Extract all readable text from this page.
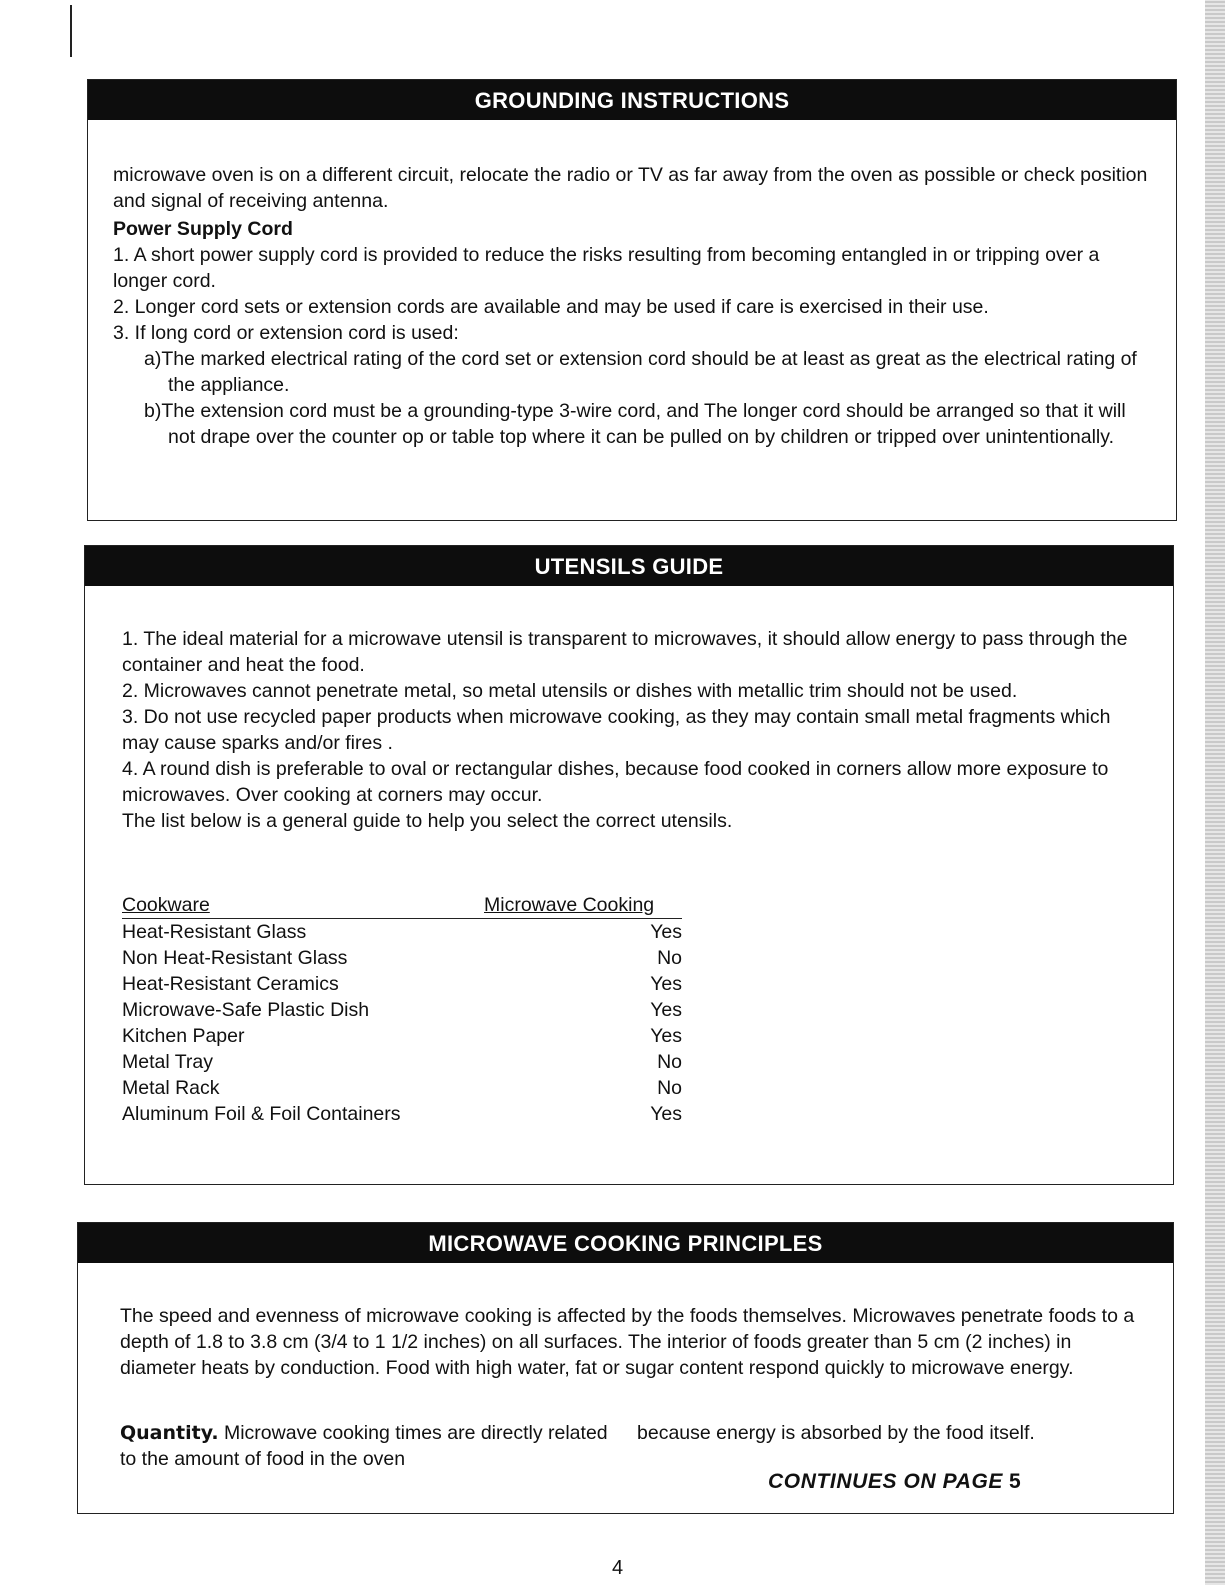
GROUNDING INSTRUCTIONS

microwave oven is on a different circuit, relocate the radio or TV as far away from the oven as possible or check position and signal of receiving antenna.

Power Supply Cord

1. A short power supply cord is provided to reduce the risks resulting from becoming entangled in or tripping over a longer cord.

2. Longer cord sets or extension cords are available and may be used if care is exercised in their use.

3. If long cord or extension cord is used:

a)The marked electrical rating of the cord set or extension cord should be at least as great as the electrical rating of the appliance.

b)The extension cord must be a grounding-type 3-wire cord, and The longer cord should be arranged so that it will not drape over the counter op or table top where it can be pulled on by children or tripped over unintentionally.

UTENSILS GUIDE

1. The ideal material for a microwave utensil is transparent to microwaves, it should allow energy to pass through the container and heat the food.

2. Microwaves cannot penetrate metal, so metal utensils or dishes with metallic trim should not be used.

3. Do not use recycled paper products when microwave cooking, as they may contain small metal fragments which may cause sparks and/or fires .

4. A round dish is preferable to oval or rectangular dishes, because food cooked in corners allow more exposure to microwaves. Over cooking at corners may occur.

The list below is a general guide to help you select the correct utensils.

Cookware	Microwave Cooking
Heat-Resistant Glass	Yes
Non Heat-Resistant Glass	No
Heat-Resistant Ceramics	Yes
Microwave-Safe Plastic Dish	Yes
Kitchen Paper	Yes
Metal Tray	No
Metal Rack	No
Aluminum Foil & Foil Containers	Yes
MICROWAVE COOKING PRINCIPLES

The speed and evenness of microwave cooking is affected by the foods themselves. Microwaves penetrate foods to a depth of 1.8 to 3.8 cm (3/4 to 1 1/2 inches) on all surfaces. The interior of foods greater than 5 cm (2 inches) in diameter heats by conduction. Food with high water, fat or sugar content respond quickly to microwave energy.

Quantity. Microwave cooking times are directly related to the amount of food in the oven
because energy is absorbed by the food itself.
CONTINUES ON PAGE 5
4
